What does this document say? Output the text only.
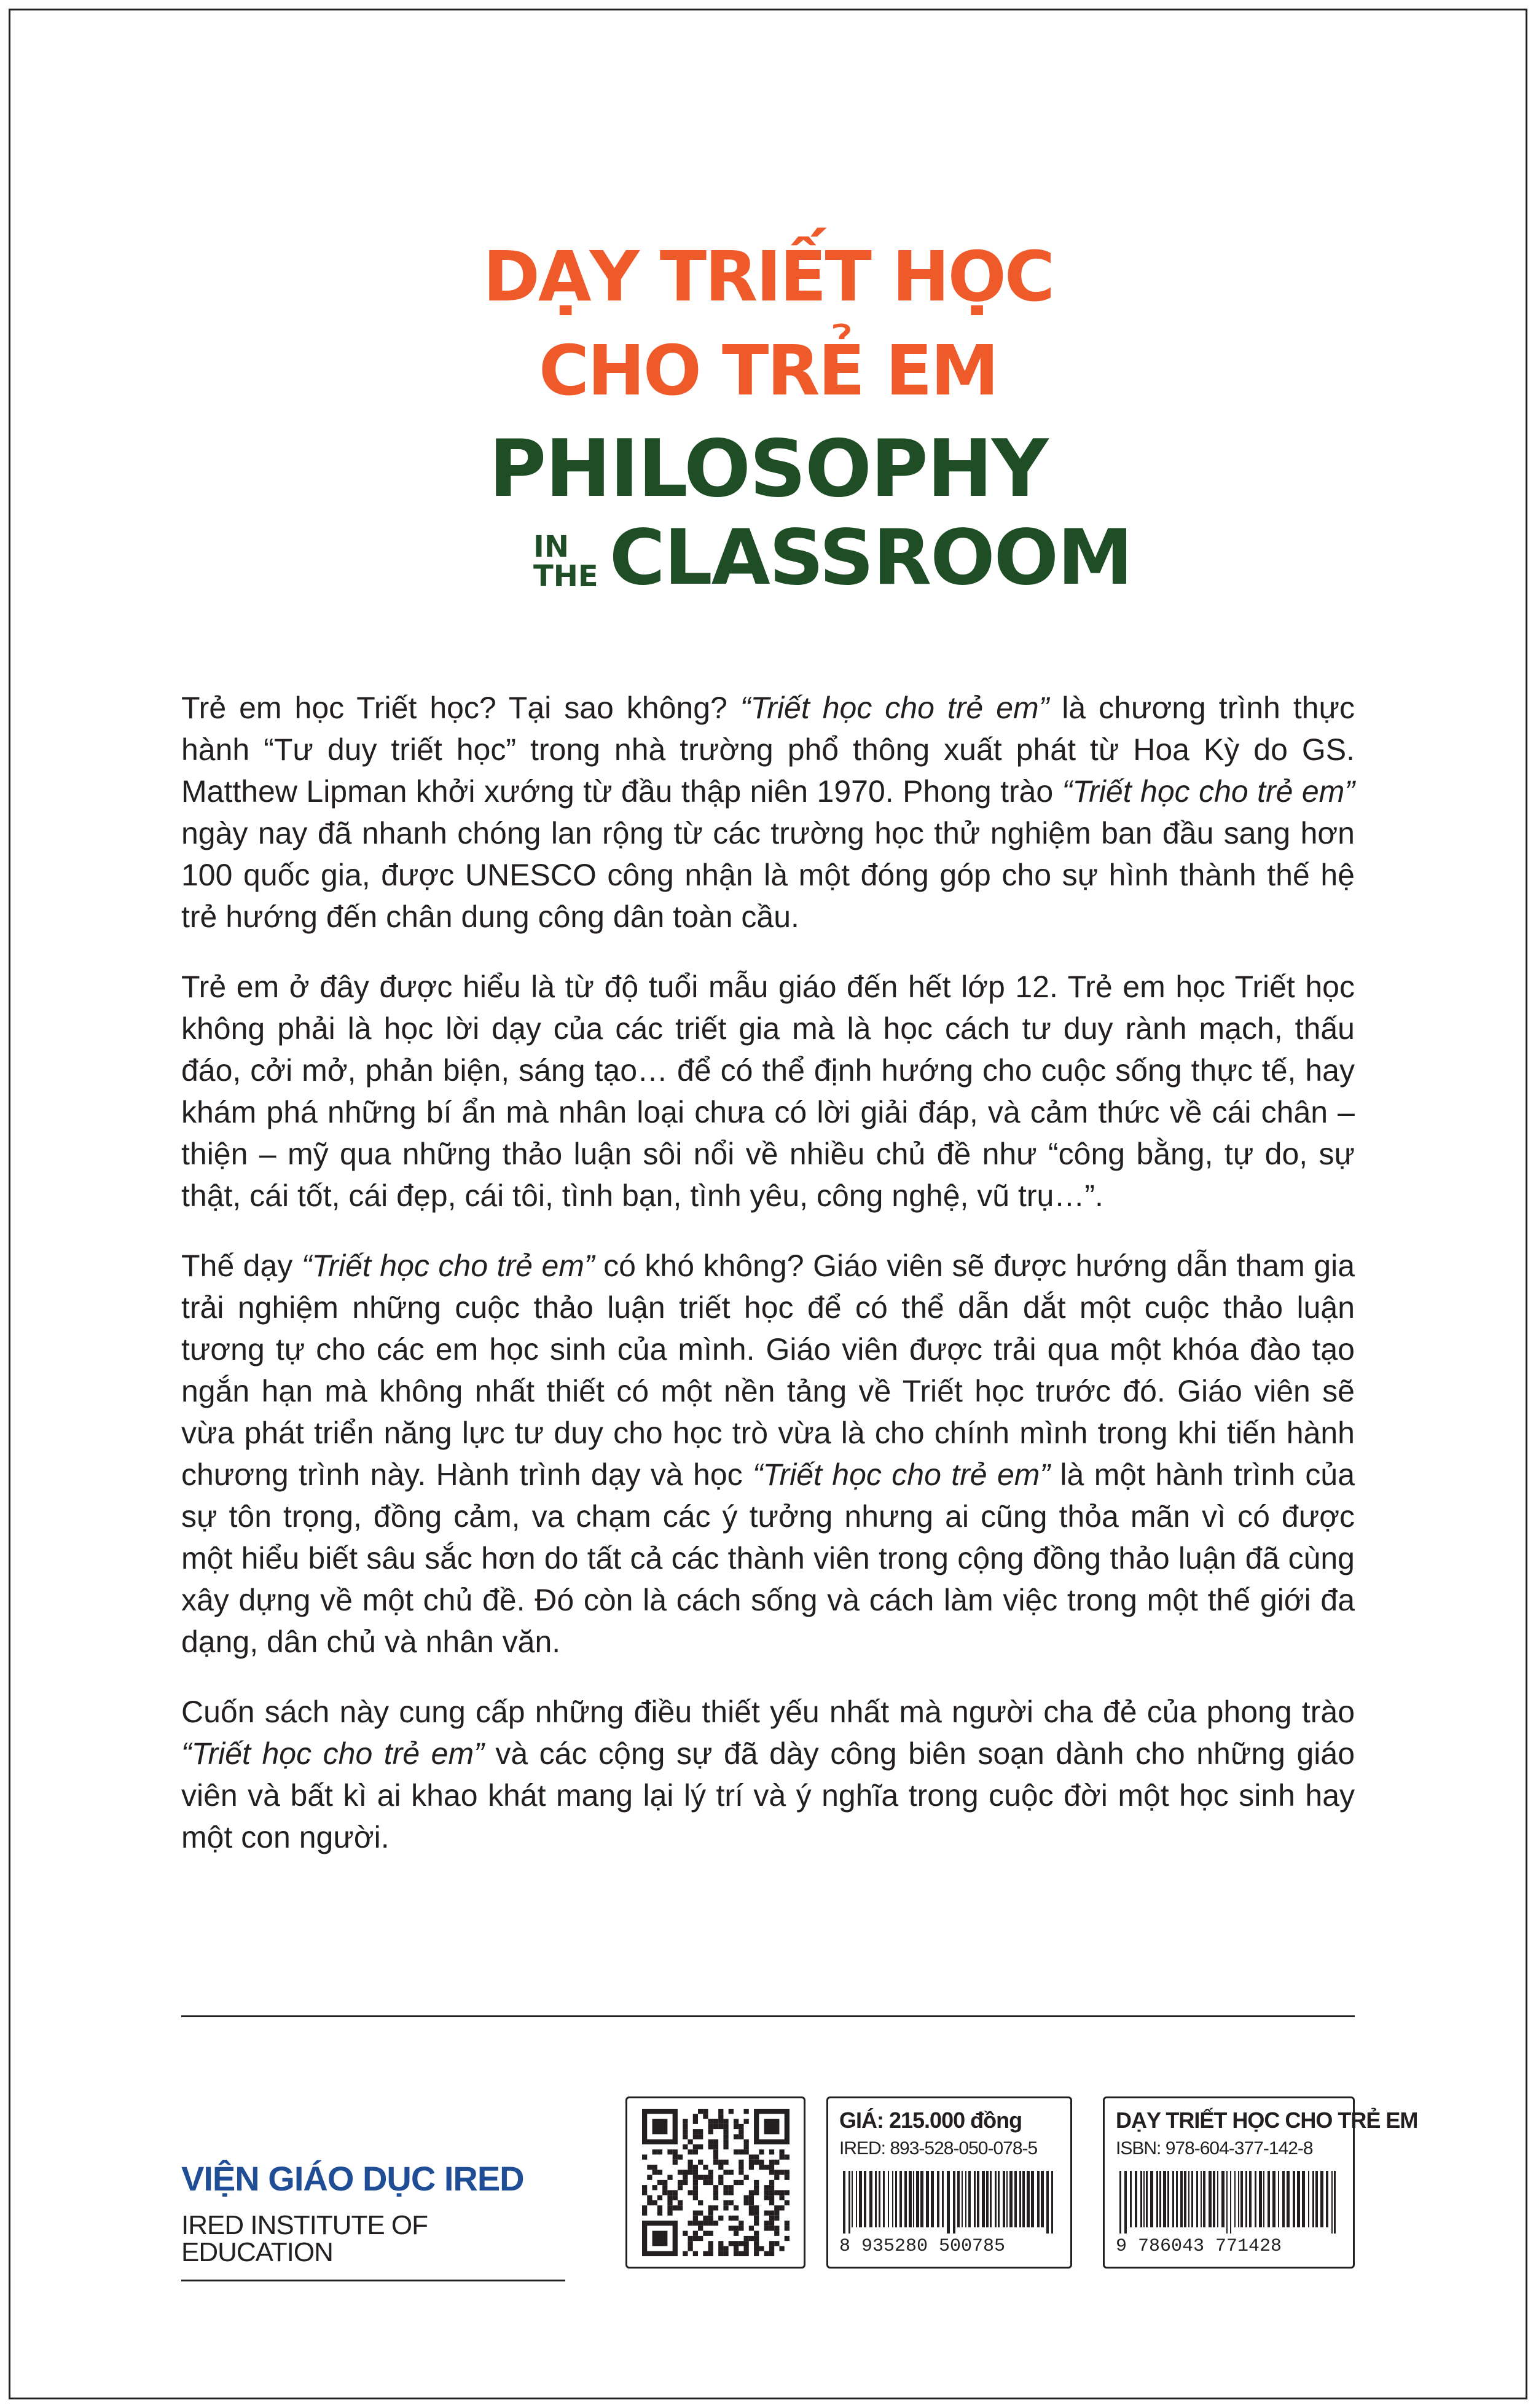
DẠY TRIẾT HỌC
CHO TRẺ EM
PHILOSOPHY
IN
THE CLASSROOM

Trẻ em học Triết học? Tại sao không? “Triết học cho trẻ em” là chương trình thực hành “Tư duy triết học” trong nhà trường phổ thông xuất phát từ Hoa Kỳ do GS. Matthew Lipman khởi xướng từ đầu thập niên 1970. Phong trào “Triết học cho trẻ em” ngày nay đã nhanh chóng lan rộng từ các trường học thử nghiệm ban đầu sang hơn 100 quốc gia, được UNESCO công nhận là một đóng góp cho sự hình thành thế hệ trẻ hướng đến chân dung công dân toàn cầu.

Trẻ em ở đây được hiểu là từ độ tuổi mẫu giáo đến hết lớp 12. Trẻ em học Triết học không phải là học lời dạy của các triết gia mà là học cách tư duy rành mạch, thấu đáo, cởi mở, phản biện, sáng tạo… để có thể định hướng cho cuộc sống thực tế, hay khám phá những bí ẩn mà nhân loại chưa có lời giải đáp, và cảm thức về cái chân – thiện – mỹ qua những thảo luận sôi nổi về nhiều chủ đề như “công bằng, tự do, sự thật, cái tốt, cái đẹp, cái tôi, tình bạn, tình yêu, công nghệ, vũ trụ…”.

Thế dạy “Triết học cho trẻ em” có khó không? Giáo viên sẽ được hướng dẫn tham gia trải nghiệm những cuộc thảo luận triết học để có thể dẫn dắt một cuộc thảo luận tương tự cho các em học sinh của mình. Giáo viên được trải qua một khóa đào tạo ngắn hạn mà không nhất thiết có một nền tảng về Triết học trước đó. Giáo viên sẽ vừa phát triển năng lực tư duy cho học trò vừa là cho chính mình trong khi tiến hành chương trình này. Hành trình dạy và học “Triết học cho trẻ em” là một hành trình của sự tôn trọng, đồng cảm, va chạm các ý tưởng nhưng ai cũng thỏa mãn vì có được một hiểu biết sâu sắc hơn do tất cả các thành viên trong cộng đồng thảo luận đã cùng xây dựng về một chủ đề. Đó còn là cách sống và cách làm việc trong một thế giới đa dạng, dân chủ và nhân văn.

Cuốn sách này cung cấp những điều thiết yếu nhất mà người cha đẻ của phong trào “Triết học cho trẻ em” và các cộng sự đã dày công biên soạn dành cho những giáo viên và bất kì ai khao khát mang lại lý trí và ý nghĩa trong cuộc đời một học sinh hay một con người.

VIỆN GIÁO DỤC IRED
IRED INSTITUTE OF EDUCATION
GIÁ: 215.000 đồng
IRED: 893-528-050-078-5
8 935280 500785
DẠY TRIẾT HỌC CHO TRẺ EM
ISBN: 978-604-377-142-8
9 786043 771428
